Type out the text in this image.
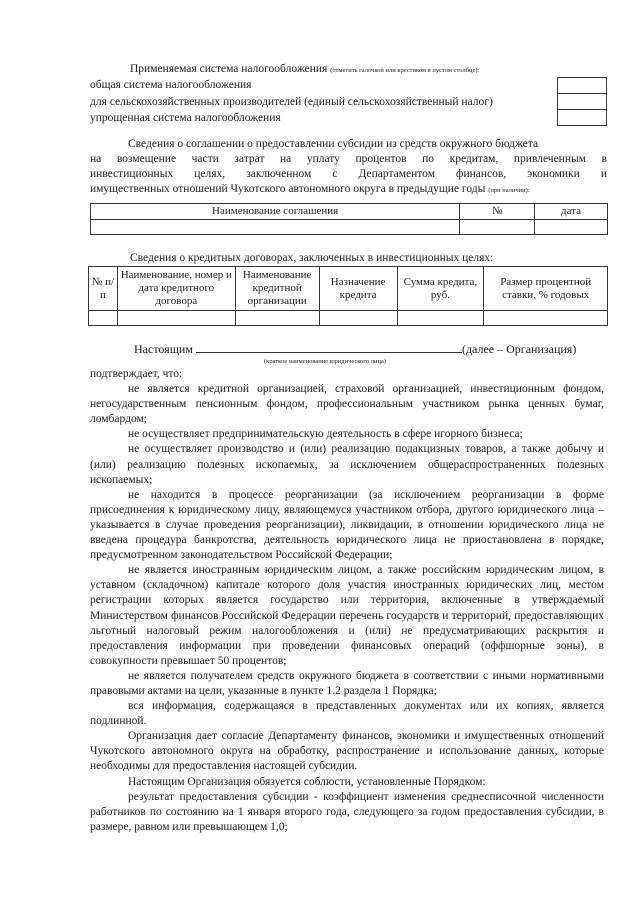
Применяемая система налогообложения (отметить галочкой или крестиком в пустом столбце):
общая система налогообложения
для сельскохозяйственных производителей (единый сельскохозяйственный налог)
упрощенная система налогообложения
Сведения о соглашении о предоставлении субсидии из средств окружного бюджета
на возмещение части затрат на уплату процентов по кредитам, привлеченным в
инвестиционных целях, заключенном с Департаментом финансов, экономики и
имущественных отношений Чукотского автономного округа в предыдущие годы (при наличии):
Наименование соглашения	№	дата

Сведения о кредитных договорах, заключенных в инвестиционных целях:
№ п/п	Наименование, номер и дата кредитного договора	Наименование кредитной организации	Назначение кредита	Сумма кредита, руб.	Размер процентной ставки, % годовых

Настоящим	(далее – Организация)
(краткое наименование юридического лица)

подтверждает, что:

не является кредитной организацией, страховой организацией, инвестиционным фондом, негосударственным пенсионным фондом, профессиональным участником рынка ценных бумаг, ломбардом;

не осуществляет предпринимательскую деятельность в сфере игорного бизнеса;

не осуществляет производство и (или) реализацию подакцизных товаров, а также добычу и (или) реализацию полезных ископаемых, за исключением общераспространенных полезных ископаемых;

не находится в процессе реорганизации (за исключением реорганизации в форме присоединения к юридическому лицу, являющемуся участником отбора, другого юридического лица – указывается в случае проведения реорганизации), ликвидации, в отношении юридического лица не введена процедура банкротства, деятельность юридического лица не приостановлена в порядке, предусмотренном законодательством Российской Федерации;

не является иностранным юридическим лицом, а также российским юридическим лицом, в уставном (складочном) капитале которого доля участия иностранных юридических лиц, местом регистрации которых является государство или территория, включенные в утверждаемый Министерством финансов Российской Федерации перечень государств и территорий, предоставляющих льготный налоговый режим налогообложения и (или) не предусматривающих раскрытия и предоставления информации при проведении финансовых операций (оффшорные зоны), в совокупности превышает 50 процентов;

не является получателем средств окружного бюджета в соответствии с иными нормативными правовыми актами на цели, указанные в пункте 1.2 раздела 1 Порядка;

вся информация, содержащаяся в представленных документах или их копиях, является подлинной.

Организация дает согласие Департаменту финансов, экономики и имущественных отношений Чукотского автономного округа на обработку, распространение и использование данных, которые необходимы для предоставления настоящей субсидии.

Настоящим Организация обязуется соблюсти, установленные Порядком:

результат предоставления субсидии - коэффициент изменения среднесписочной численности работников по состоянию на 1 января второго года, следующего за годом предоставления субсидии, в размере, равном или превышающем 1,0;
